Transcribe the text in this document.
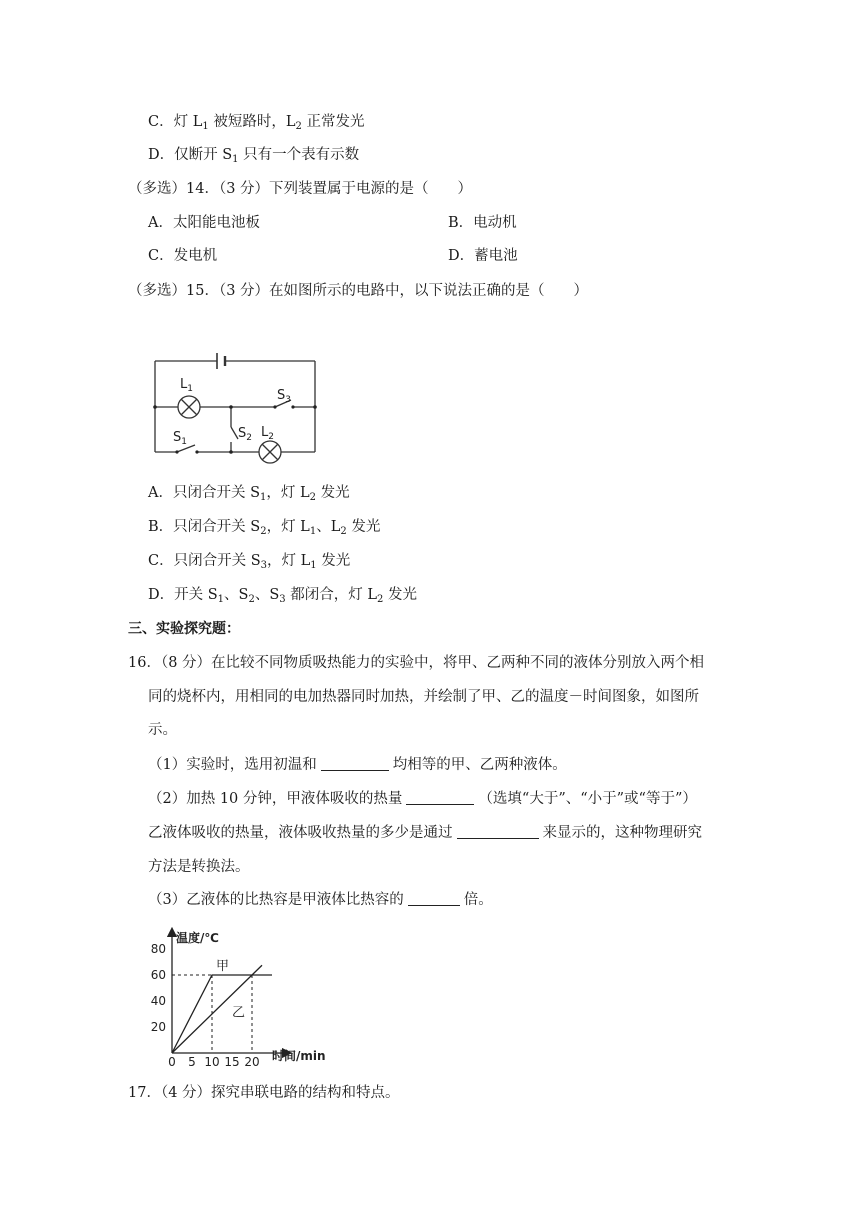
C．灯 $L_1$ 被短路时，$L_2$ 正常发光
D．仅断开 $S_1$ 只有一个表有示数
（多选）14．（3 分）下列装置属于电源的是（　　）
A．太阳能电池板	B．电动机
C．发电机	D．蓄电池
（多选）15．（3 分）在如图所示的电路中，以下说法正确的是（　　）
$L_1$	$S_3$
$S_2$ $L_2$
$S_1$
A．只闭合开关 $S_1$，灯 $L_2$ 发光
B．只闭合开关 $S_2$，灯 $L_1$、$L_2$ 发光
C．只闭合开关 $S_3$，灯 $L_1$ 发光
D．开关 $S_1$、$S_2$、$S_3$ 都闭合，灯 $L_2$ 发光
三、实验探究题：
16．（8 分）在比较不同物质吸热能力的实验中，将甲、乙两种不同的液体分别放入两个相
同的烧杯内，用相同的电加热器同时加热，并绘制了甲、乙的温度－时间图象，如图所
示。
（1）实验时，选用初温和	均相等的甲、乙两种液体。
（2）加热 10 分钟，甲液体吸收的热量	（选填“大于”、“小于”或“等于”）
乙液体吸收的热量，液体吸收热量的多少是通过	来显示的，这种物理研究
方法是转换法。
（3）乙液体的比热容是甲液体比热容的	倍。
温度/℃
时间/min
0 5 10 15 20
20
40
60
80
甲
乙
17．（4 分）探究串联电路的结构和特点。
